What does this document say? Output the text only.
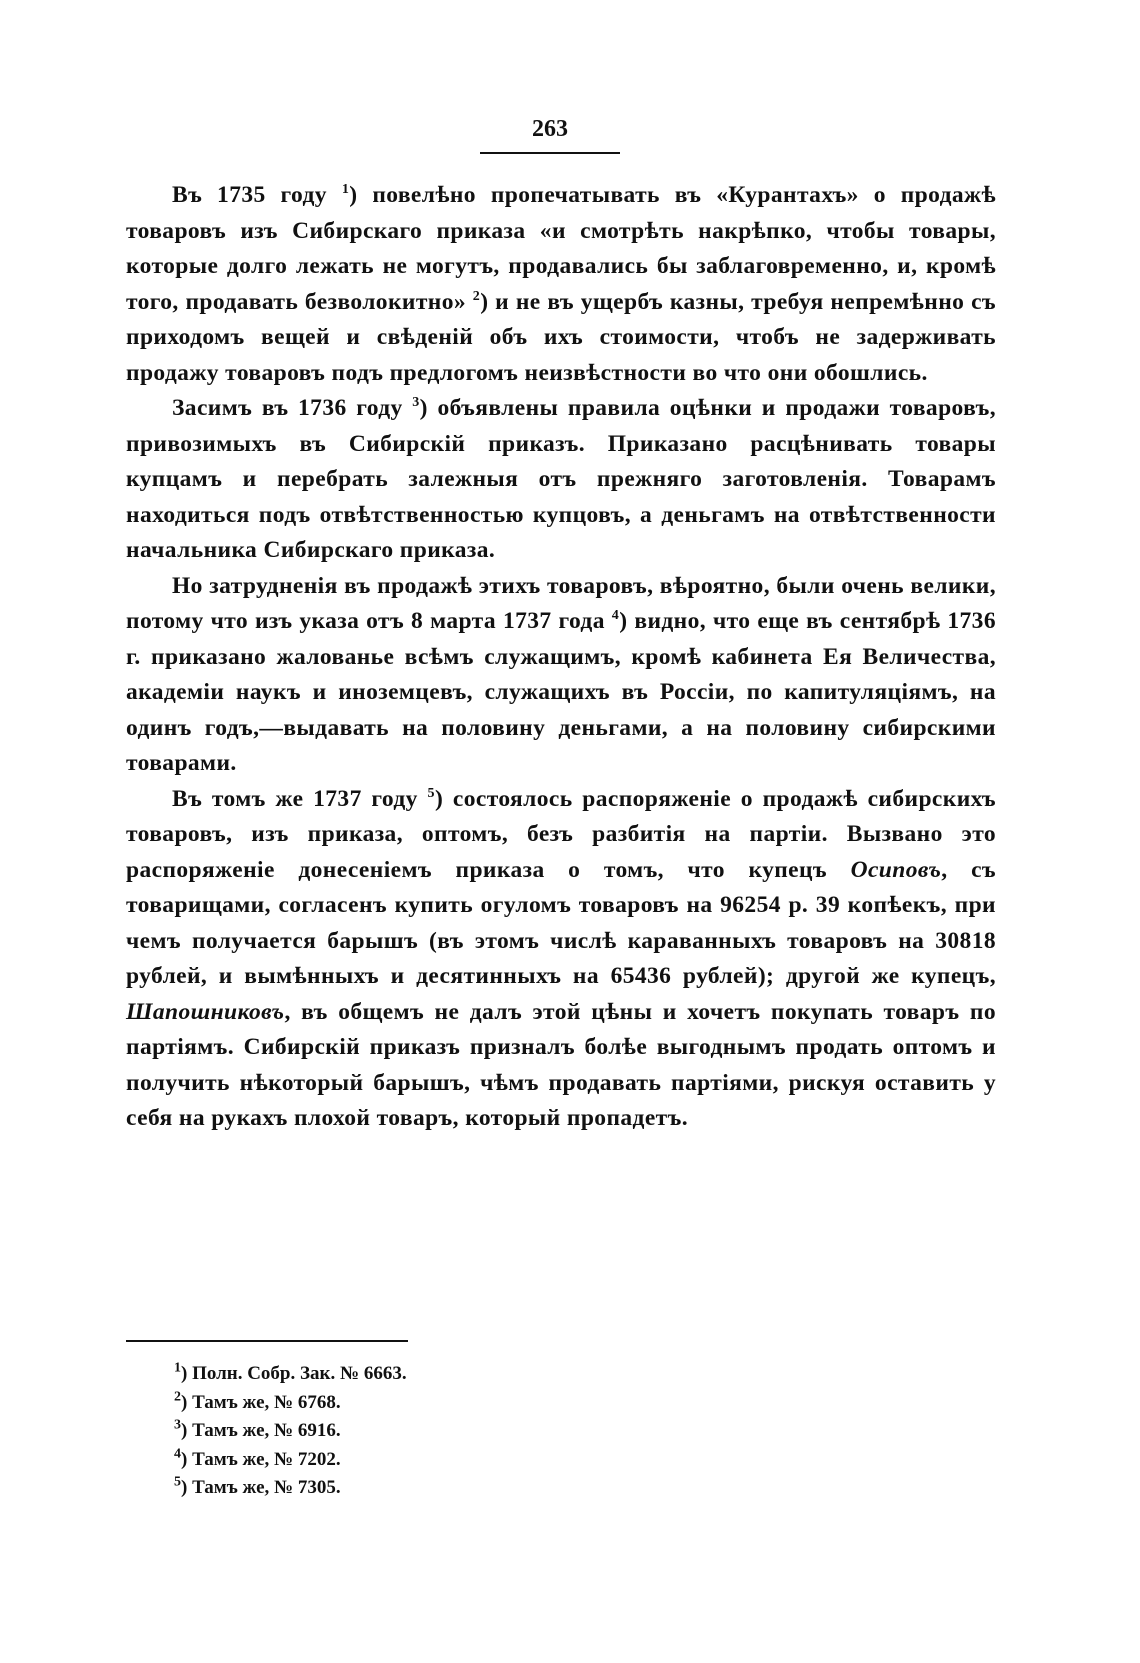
263

Въ 1735 году $^1$) повелѣно пропечатывать въ «Курантахъ» о продажѣ товаровъ изъ Сибирскаго приказа «и смотрѣть накрѣпко, чтобы товары, которые долго лежать не могутъ, продавались бы заблаговременно, и, кромѣ того, продавать безволокитно» $^2$) и не въ ущербъ казны, требуя непремѣнно съ приходомъ вещей и свѣденій объ ихъ стоимости, чтобъ не задерживать продажу товаровъ подъ предлогомъ неизвѣстности во что они обошлись.

Засимъ въ 1736 году $^3$) объявлены правила оцѣнки и продажи товаровъ, привозимыхъ въ Сибирскій приказъ. Приказано расцѣнивать товары купцамъ и перебрать залежныя отъ прежняго заготовленія. Товарамъ находиться подъ отвѣтственностью купцовъ, а деньгамъ на отвѣтственности начальника Сибирскаго приказа.

Но затрудненія въ продажѣ этихъ товаровъ, вѣроятно, были очень велики, потому что изъ указа отъ 8 марта 1737 года $^4$) видно, что еще въ сентябрѣ 1736 г. приказано жалованье всѣмъ служащимъ, кромѣ кабинета Ея Величества, академіи наукъ и иноземцевъ, служащихъ въ Россіи, по капитуляціямъ, на одинъ годъ,—выдавать на половину деньгами, а на половину сибирскими товарами.

Въ томъ же 1737 году $^5$) состоялось распоряженіе о продажѣ сибирскихъ товаровъ, изъ приказа, оптомъ, безъ разбитія на партіи. Вызвано это распоряженіе донесеніемъ приказа о томъ, что купецъ Осиповъ, съ товарищами, согласенъ купить огуломъ товаровъ на 96254 р. 39 копѣекъ, при чемъ получается барышъ (въ этомъ числѣ караванныхъ товаровъ на 30818 рублей, и вымѣнныхъ и десятинныхъ на 65436 рублей); другой же купецъ, Шапошниковъ, въ общемъ не далъ этой цѣны и хочетъ покупать товаръ по партіямъ. Сибирскій приказъ призналъ болѣе выгоднымъ продать оптомъ и получить нѣкоторый барышъ, чѣмъ продавать партіями, рискуя оставить у себя на рукахъ плохой товаръ, который пропадетъ.

$^1$) Полн. Собр. Зак. № 6663.

$^2$) Тамъ же, № 6768.

$^3$) Тамъ же, № 6916.

$^4$) Тамъ же, № 7202.

$^5$) Тамъ же, № 7305.
